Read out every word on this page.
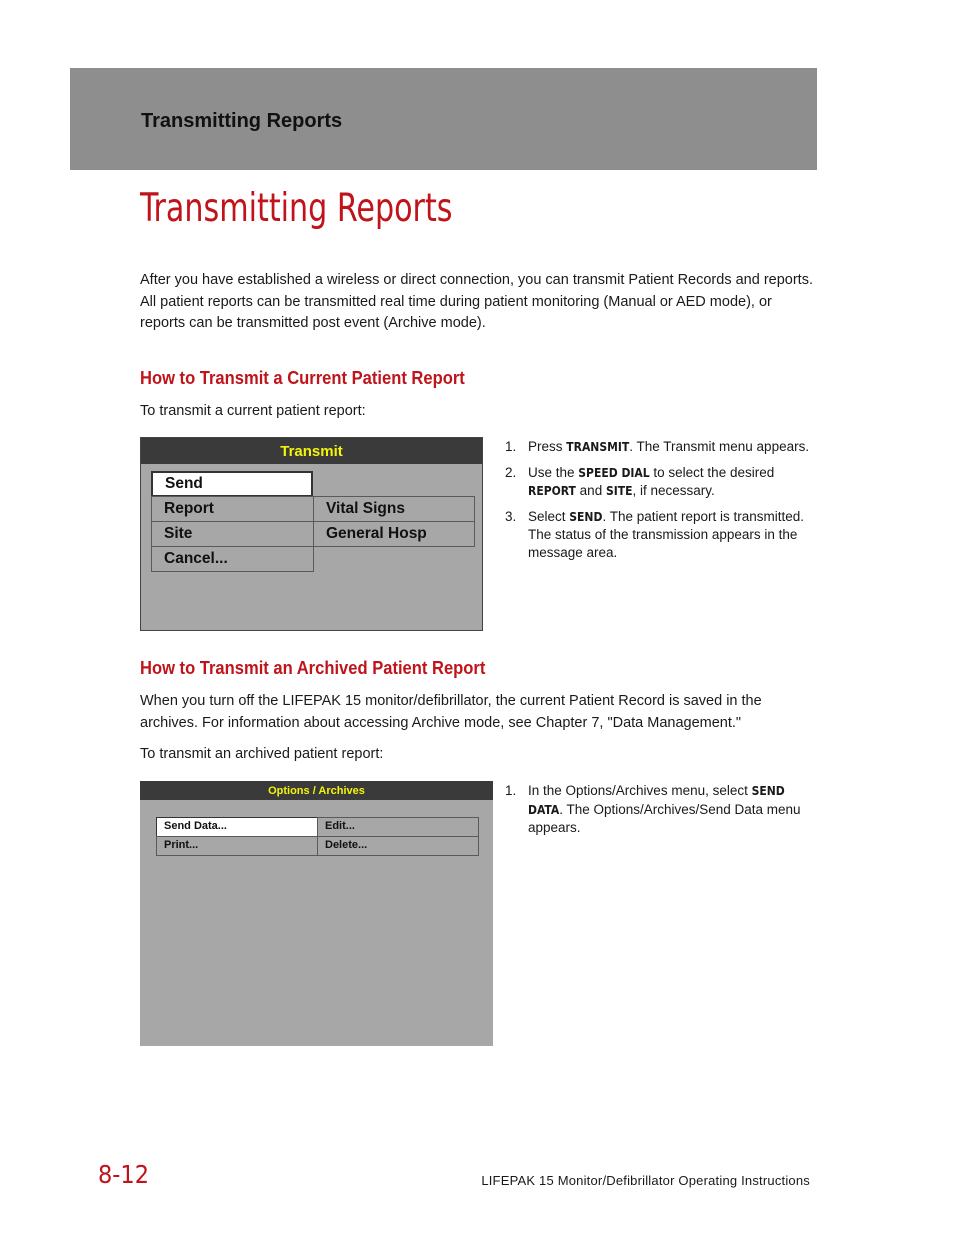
Transmitting Reports
Transmitting Reports

After you have established a wireless or direct connection, you can transmit Patient Records and reports. All patient reports can be transmitted real time during patient monitoring (Manual or AED mode), or reports can be transmitted post event (Archive mode).

How to Transmit a Current Patient Report

To transmit a current patient report:

Transmit
Send
Report	Vital Signs
Site	General Hosp
Cancel...
1. Press TRANSMIT. The Transmit menu appears.
2. Use the SPEED DIAL to select the desired REPORT and SITE, if necessary.
3. Select SEND. The patient report is transmitted. The status of the transmission appears in the message area.
How to Transmit an Archived Patient Report

When you turn off the LIFEPAK 15 monitor/defibrillator, the current Patient Record is saved in the archives. For information about accessing Archive mode, see Chapter 7, "Data Management."

To transmit an archived patient report:

Options / Archives
Send Data...	Edit...
Print...	Delete...
1. In the Options/Archives menu, select SEND DATA. The Options/Archives/Send Data menu appears.

8-12	LIFEPAK 15 Monitor/Defibrillator Operating Instructions
